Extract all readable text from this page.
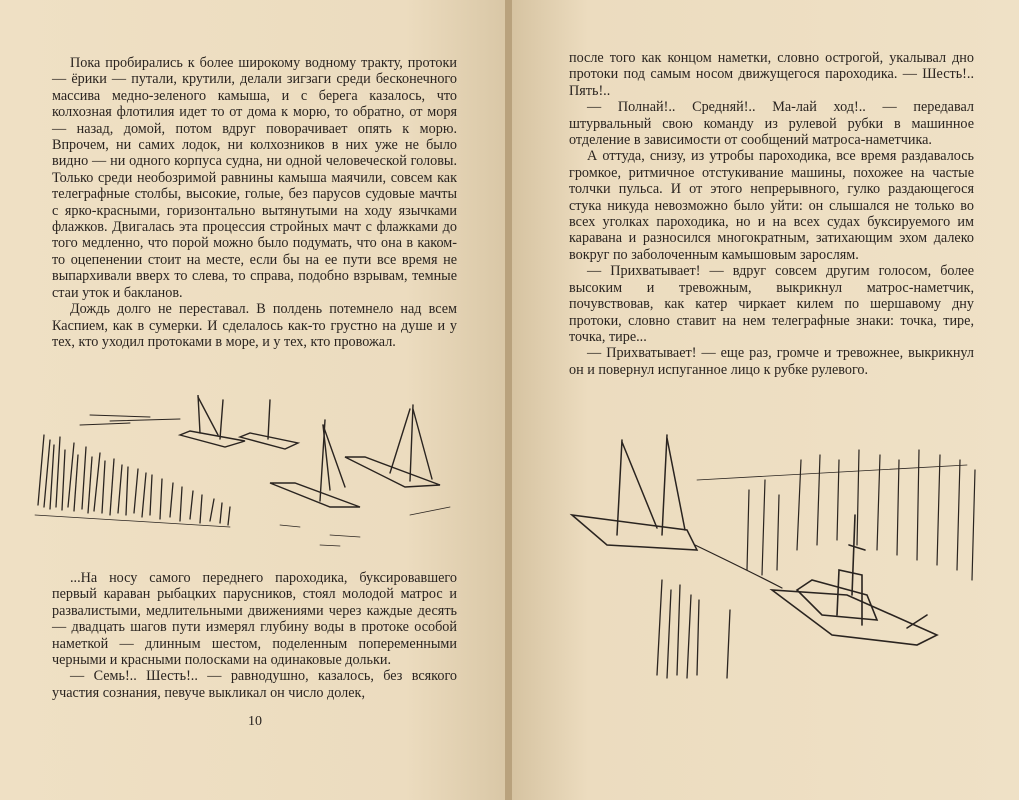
Пока пробирались к более широкому водному тракту, протоки — ёрики — путали, крутили, делали зигзаги среди бесконечного массива медно-зеленого камыша, и с берега казалось, что колхозная флотилия идет то от дома к морю, то обратно, от моря — назад, домой, потом вдруг поворачивает опять к морю. Впрочем, ни самих лодок, ни колхозников в них уже не было видно — ни одного корпуса судна, ни одной человеческой головы. Только среди необозримой равнины камыша маячили, совсем как телеграфные столбы, высокие, голые, без парусов судовые мачты с ярко-красными, горизонтально вытянутыми на ходу язычками флажков. Двигалась эта процессия стройных мачт с флажками до того медленно, что порой можно было подумать, что она в каком-то оцепенении стоит на месте, если бы на ее пути все время не выпархивали вверх то слева, то справа, подобно взрывам, темные стаи уток и бакланов.

Дождь долго не переставал. В полдень потемнело над всем Каспием, как в сумерки. И сделалось как-то грустно на душе и у тех, кто уходил протоками в море, и у тех, кто провожал.

...На носу самого переднего пароходика, буксировавшего первый караван рыбацких парусников, стоял молодой матрос и развалистыми, медлительными движениями через каждые десять — двадцать шагов пути измерял глубину воды в протоке особой наметкой — длинным шестом, поделенным попеременными черными и красными полосками на одинаковые дольки.

— Семь!.. Шесть!.. — равнодушно, казалось, без всякого участия сознания, певуче выкликал он число долек,

10

после того как концом наметки, словно острогой, укалывал дно протоки под самым носом движущегося пароходика. — Шесть!.. Пять!..

— Полнай!.. Средняй!.. Ма-лай ход!.. — передавал штурвальный свою команду из рулевой рубки в машинное отделение в зависимости от сообщений матроса-наметчика.

А оттуда, снизу, из утробы пароходика, все время раздавалось громкое, ритмичное отстукивание машины, похожее на частые толчки пульса. И от этого непрерывного, гулко раздающегося стука никуда невозможно было уйти: он слышался не только во всех уголках пароходика, но и на всех судах буксируемого им каравана и разносился многократным, затихающим эхом далеко вокруг по заболоченным камышовым зарослям.

— Прихватывает! — вдруг совсем другим голосом, более высоким и тревожным, выкрикнул матрос-наметчик, почувствовав, как катер чиркает килем по шершавому дну протоки, словно ставит на нем телеграфные знаки: точка, тире, точка, тире...

— Прихватывает! — еще раз, громче и тревожнее, выкрикнул он и повернул испуганное лицо к рубке рулевого.
